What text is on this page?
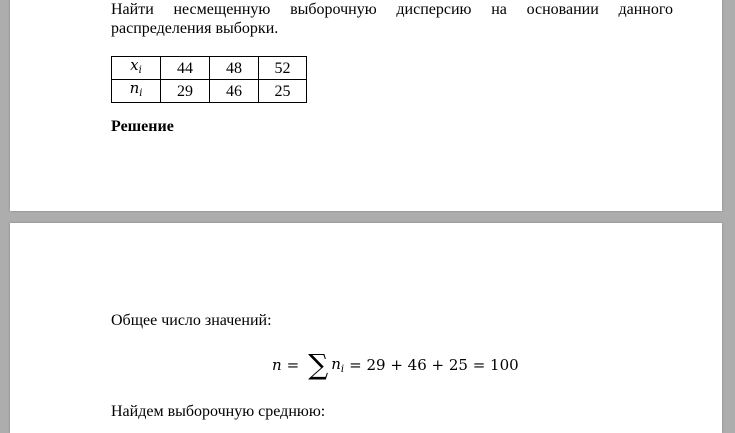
Найти несмещенную выборочную дисперсию на основании данного распределения выборки.

$x_i$	44	48	52
$n_i$	29	46	25

Решение

Общее число значений:

n = ∑ $n_i = 29 + 46 + 25 = 100$

Найдем выборочную среднюю:
